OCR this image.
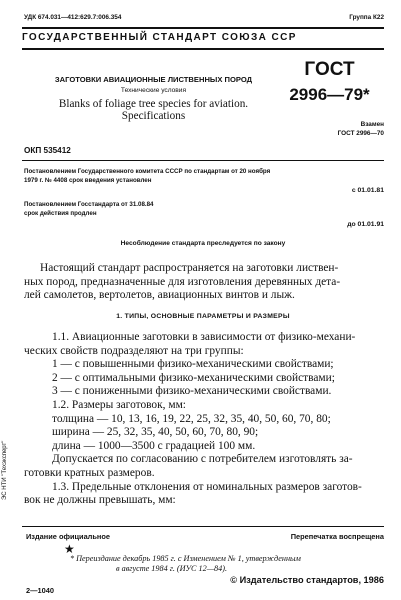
УДК 674.031—412:629.7:006.354	Группа К22
ГОСУДАРСТВЕННЫЙ СТАНДАРТ СОЮЗА ССР
ЗАГОТОВКИ АВИАЦИОННЫЕ ЛИСТВЕННЫХ ПОРОД
Технические условия
Blanks of foliage tree species for aviation.
Specifications
ГОСТ
2996—79*
Взамен
ГОСТ 2996—70
ОКП 535412
Постановлением Государственного комитета СССР по стандартам от 20 ноября
1979 г. № 4408 срок введения установлен
с 01.01.81
Постановлением Госстандарта от 31.08.84
срок действия продлен
до 01.01.91
Несоблюдение стандарта преследуется по закону
Настоящий стандарт распространяется на заготовки листвен-
ных пород, предназначенные для изготовления деревянных дета-
лей самолетов, вертолетов, авиационных винтов и лыж.
1. ТИПЫ, ОСНОВНЫЕ ПАРАМЕТРЫ И РАЗМЕРЫ
1.1. Авиационные заготовки в зависимости от физико-механи-
ческих свойств подразделяют на три группы:
1 — с повышенными физико-механическими свойствами;
2 — с оптимальными физико-механическими свойствами;
3 — с пониженными физико-механическими свойствами.
1.2. Размеры заготовок, мм:
толщина — 10, 13, 16, 19, 22, 25, 32, 35, 40, 50, 60, 70, 80;
ширина — 25, 32, 35, 40, 50, 60, 70, 80, 90;
длина — 1000—3500 с градацией 100 мм.
Допускается по согласованию с потребителем изготовлять за-
готовки кратных размеров.
1.3. Предельные отклонения от номинальных размеров заготов-
вок не должны превышать, мм:
ЭС НТИ "Техэксперт"
Издание официальное	Перепечатка воспрещена
★
* Переиздание декабрь 1985 г. с Изменением № 1, утвержденным
в августе 1984 г. (ИУС 12—84).
© Издательство стандартов, 1986
2—1040
